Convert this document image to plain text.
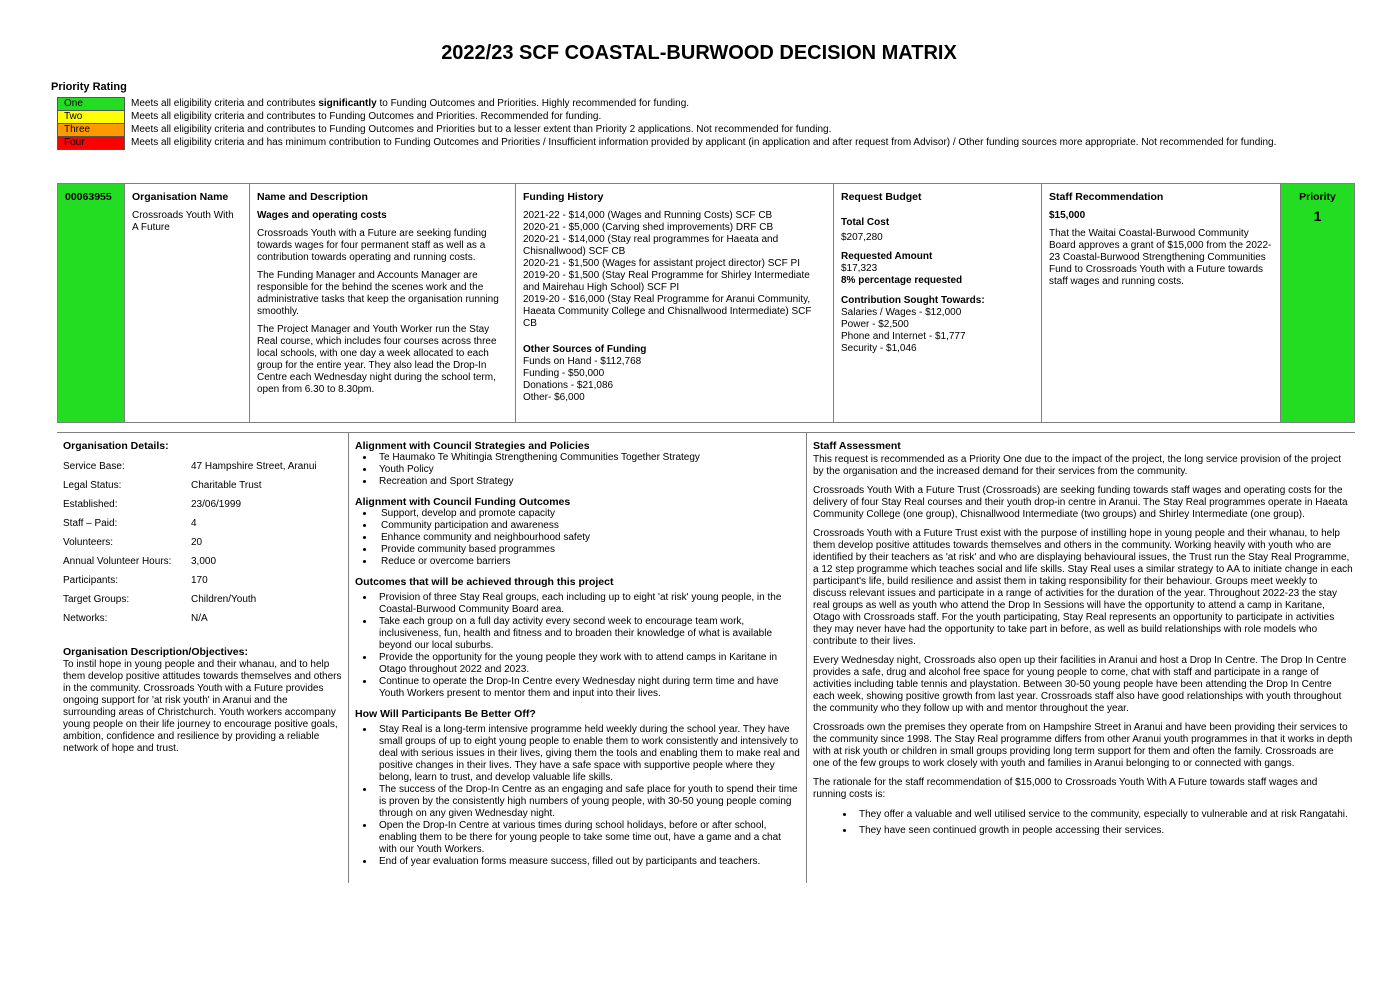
2022/23 SCF COASTAL-BURWOOD DECISION MATRIX
Priority Rating
One	Meets all eligibility criteria and contributes significantly to Funding Outcomes and Priorities. Highly recommended for funding.
Two	Meets all eligibility criteria and contributes to Funding Outcomes and Priorities. Recommended for funding.
Three	Meets all eligibility criteria and contributes to Funding Outcomes and Priorities but to a lesser extent than Priority 2 applications. Not recommended for funding.
Four	Meets all eligibility criteria and has minimum contribution to Funding Outcomes and Priorities / Insufficient information provided by applicant (in application and after request from Advisor) / Other funding sources more appropriate. Not recommended for funding.
00063955	Organisation Name
Crossroads Youth With A Future
Name and Description
Wages and operating costs

Crossroads Youth with a Future are seeking funding towards wages for four permanent staff as well as a contribution towards operating and running costs.

The Funding Manager and Accounts Manager are responsible for the behind the scenes work and the administrative tasks that keep the organisation running smoothly.

The Project Manager and Youth Worker run the Stay Real course, which includes four courses across three local schools, with one day a week allocated to each group for the entire year. They also lead the Drop-In Centre each Wednesday night during the school term, open from 6.30 to 8.30pm.

Funding History
2021-22 - $14,000 (Wages and Running Costs) SCF CB
2020-21 - $5,000 (Carving shed improvements) DRF CB
2020-21 - $14,000 (Stay real programmes for Haeata and Chisnallwood) SCF CB
2020-21 - $1,500 (Wages for assistant project director) SCF PI
2019-20 - $1,500 (Stay Real Programme for Shirley Intermediate and Mairehau High School) SCF PI
2019-20 - $16,000 (Stay Real Programme for Aranui Community, Haeata Community College and Chisnallwood Intermediate) SCF CB
Other Sources of Funding
Funds on Hand - $112,768
Funding - $50,000
Donations - $21,086
Other- $6,000
Request Budget
Total Cost
$207,280
Requested Amount
$17,323
8% percentage requested
Contribution Sought Towards:
Salaries / Wages - $12,000
Power - $2,500
Phone and Internet - $1,777
Security - $1,046
Staff Recommendation
$15,000
That the Waitai Coastal-Burwood Community Board approves a grant of $15,000 from the 2022-23 Coastal-Burwood Strengthening Communities Fund to Crossroads Youth with a Future towards staff wages and running costs.
Priority
1
Organisation Details:
Service Base:	47 Hampshire Street, Aranui
Legal Status:	Charitable Trust
Established:	23/06/1999
Staff – Paid:	4
Volunteers:	20
Annual Volunteer Hours:	3,000
Participants:	170
Target Groups:	Children/Youth
Networks:	N/A
Organisation Description/Objectives:
To instil hope in young people and their whanau, and to help them develop positive attitudes towards themselves and others in the community. Crossroads Youth with a Future provides ongoing support for 'at risk youth' in Aranui and the surrounding areas of Christchurch. Youth workers accompany young people on their life journey to encourage positive goals, ambition, confidence and resilience by providing a reliable network of hope and trust.
Alignment with Council Strategies and Policies
• Te Haumako Te Whitingia Strengthening Communities Together Strategy
• Youth Policy
• Recreation and Sport Strategy
Alignment with Council Funding Outcomes
• Support, develop and promote capacity
• Community participation and awareness
• Enhance community and neighbourhood safety
• Provide community based programmes
• Reduce or overcome barriers
Outcomes that will be achieved through this project
• Provision of three Stay Real groups, each including up to eight 'at risk' young people, in the Coastal-Burwood Community Board area.
• Take each group on a full day activity every second week to encourage team work, inclusiveness, fun, health and fitness and to broaden their knowledge of what is available beyond our local suburbs.
• Provide the opportunity for the young people they work with to attend camps in Karitane in Otago throughout 2022 and 2023.
• Continue to operate the Drop-In Centre every Wednesday night during term time and have Youth Workers present to mentor them and input into their lives.
How Will Participants Be Better Off?
• Stay Real is a long-term intensive programme held weekly during the school year. They have small groups of up to eight young people to enable them to work consistently and intensively to deal with serious issues in their lives, giving them the tools and enabling them to make real and positive changes in their lives. They have a safe space with supportive people where they belong, learn to trust, and develop valuable life skills.
• The success of the Drop-In Centre as an engaging and safe place for youth to spend their time is proven by the consistently high numbers of young people, with 30-50 young people coming through on any given Wednesday night.
• Open the Drop-In Centre at various times during school holidays, before or after school, enabling them to be there for young people to take some time out, have a game and a chat with our Youth Workers.
• End of year evaluation forms measure success, filled out by participants and teachers.
Staff Assessment

This request is recommended as a Priority One due to the impact of the project, the long service provision of the project by the organisation and the increased demand for their services from the community.

Crossroads Youth With a Future Trust (Crossroads) are seeking funding towards staff wages and operating costs for the delivery of four Stay Real courses and their youth drop-in centre in Aranui. The Stay Real programmes operate in Haeata Community College (one group), Chisnallwood Intermediate (two groups) and Shirley Intermediate (one group).

Crossroads Youth with a Future Trust exist with the purpose of instilling hope in young people and their whanau, to help them develop positive attitudes towards themselves and others in the community. Working heavily with youth who are identified by their teachers as 'at risk' and who are displaying behavioural issues, the Trust run the Stay Real Programme, a 12 step programme which teaches social and life skills. Stay Real uses a similar strategy to AA to initiate change in each participant's life, build resilience and assist them in taking responsibility for their behaviour. Groups meet weekly to discuss relevant issues and participate in a range of activities for the duration of the year. Throughout 2022-23 the stay real groups as well as youth who attend the Drop In Sessions will have the opportunity to attend a camp in Karitane, Otago with Crossroads staff. For the youth participating, Stay Real represents an opportunity to participate in activities they may never have had the opportunity to take part in before, as well as build relationships with role models who contribute to their lives.

Every Wednesday night, Crossroads also open up their facilities in Aranui and host a Drop In Centre. The Drop In Centre provides a safe, drug and alcohol free space for young people to come, chat with staff and participate in a range of activities including table tennis and playstation. Between 30-50 young people have been attending the Drop In Centre each week, showing positive growth from last year. Crossroads staff also have good relationships with youth throughout the community who they follow up with and mentor throughout the year.

Crossroads own the premises they operate from on Hampshire Street in Aranui and have been providing their services to the community since 1998. The Stay Real programme differs from other Aranui youth programmes in that it works in depth with at risk youth or children in small groups providing long term support for them and often the family. Crossroads are one of the few groups to work closely with youth and families in Aranui belonging to or connected with gangs.

The rationale for the staff recommendation of $15,000 to Crossroads Youth With A Future towards staff wages and running costs is:

• They offer a valuable and well utilised service to the community, especially to vulnerable and at risk Rangatahi.
• They have seen continued growth in people accessing their services.
